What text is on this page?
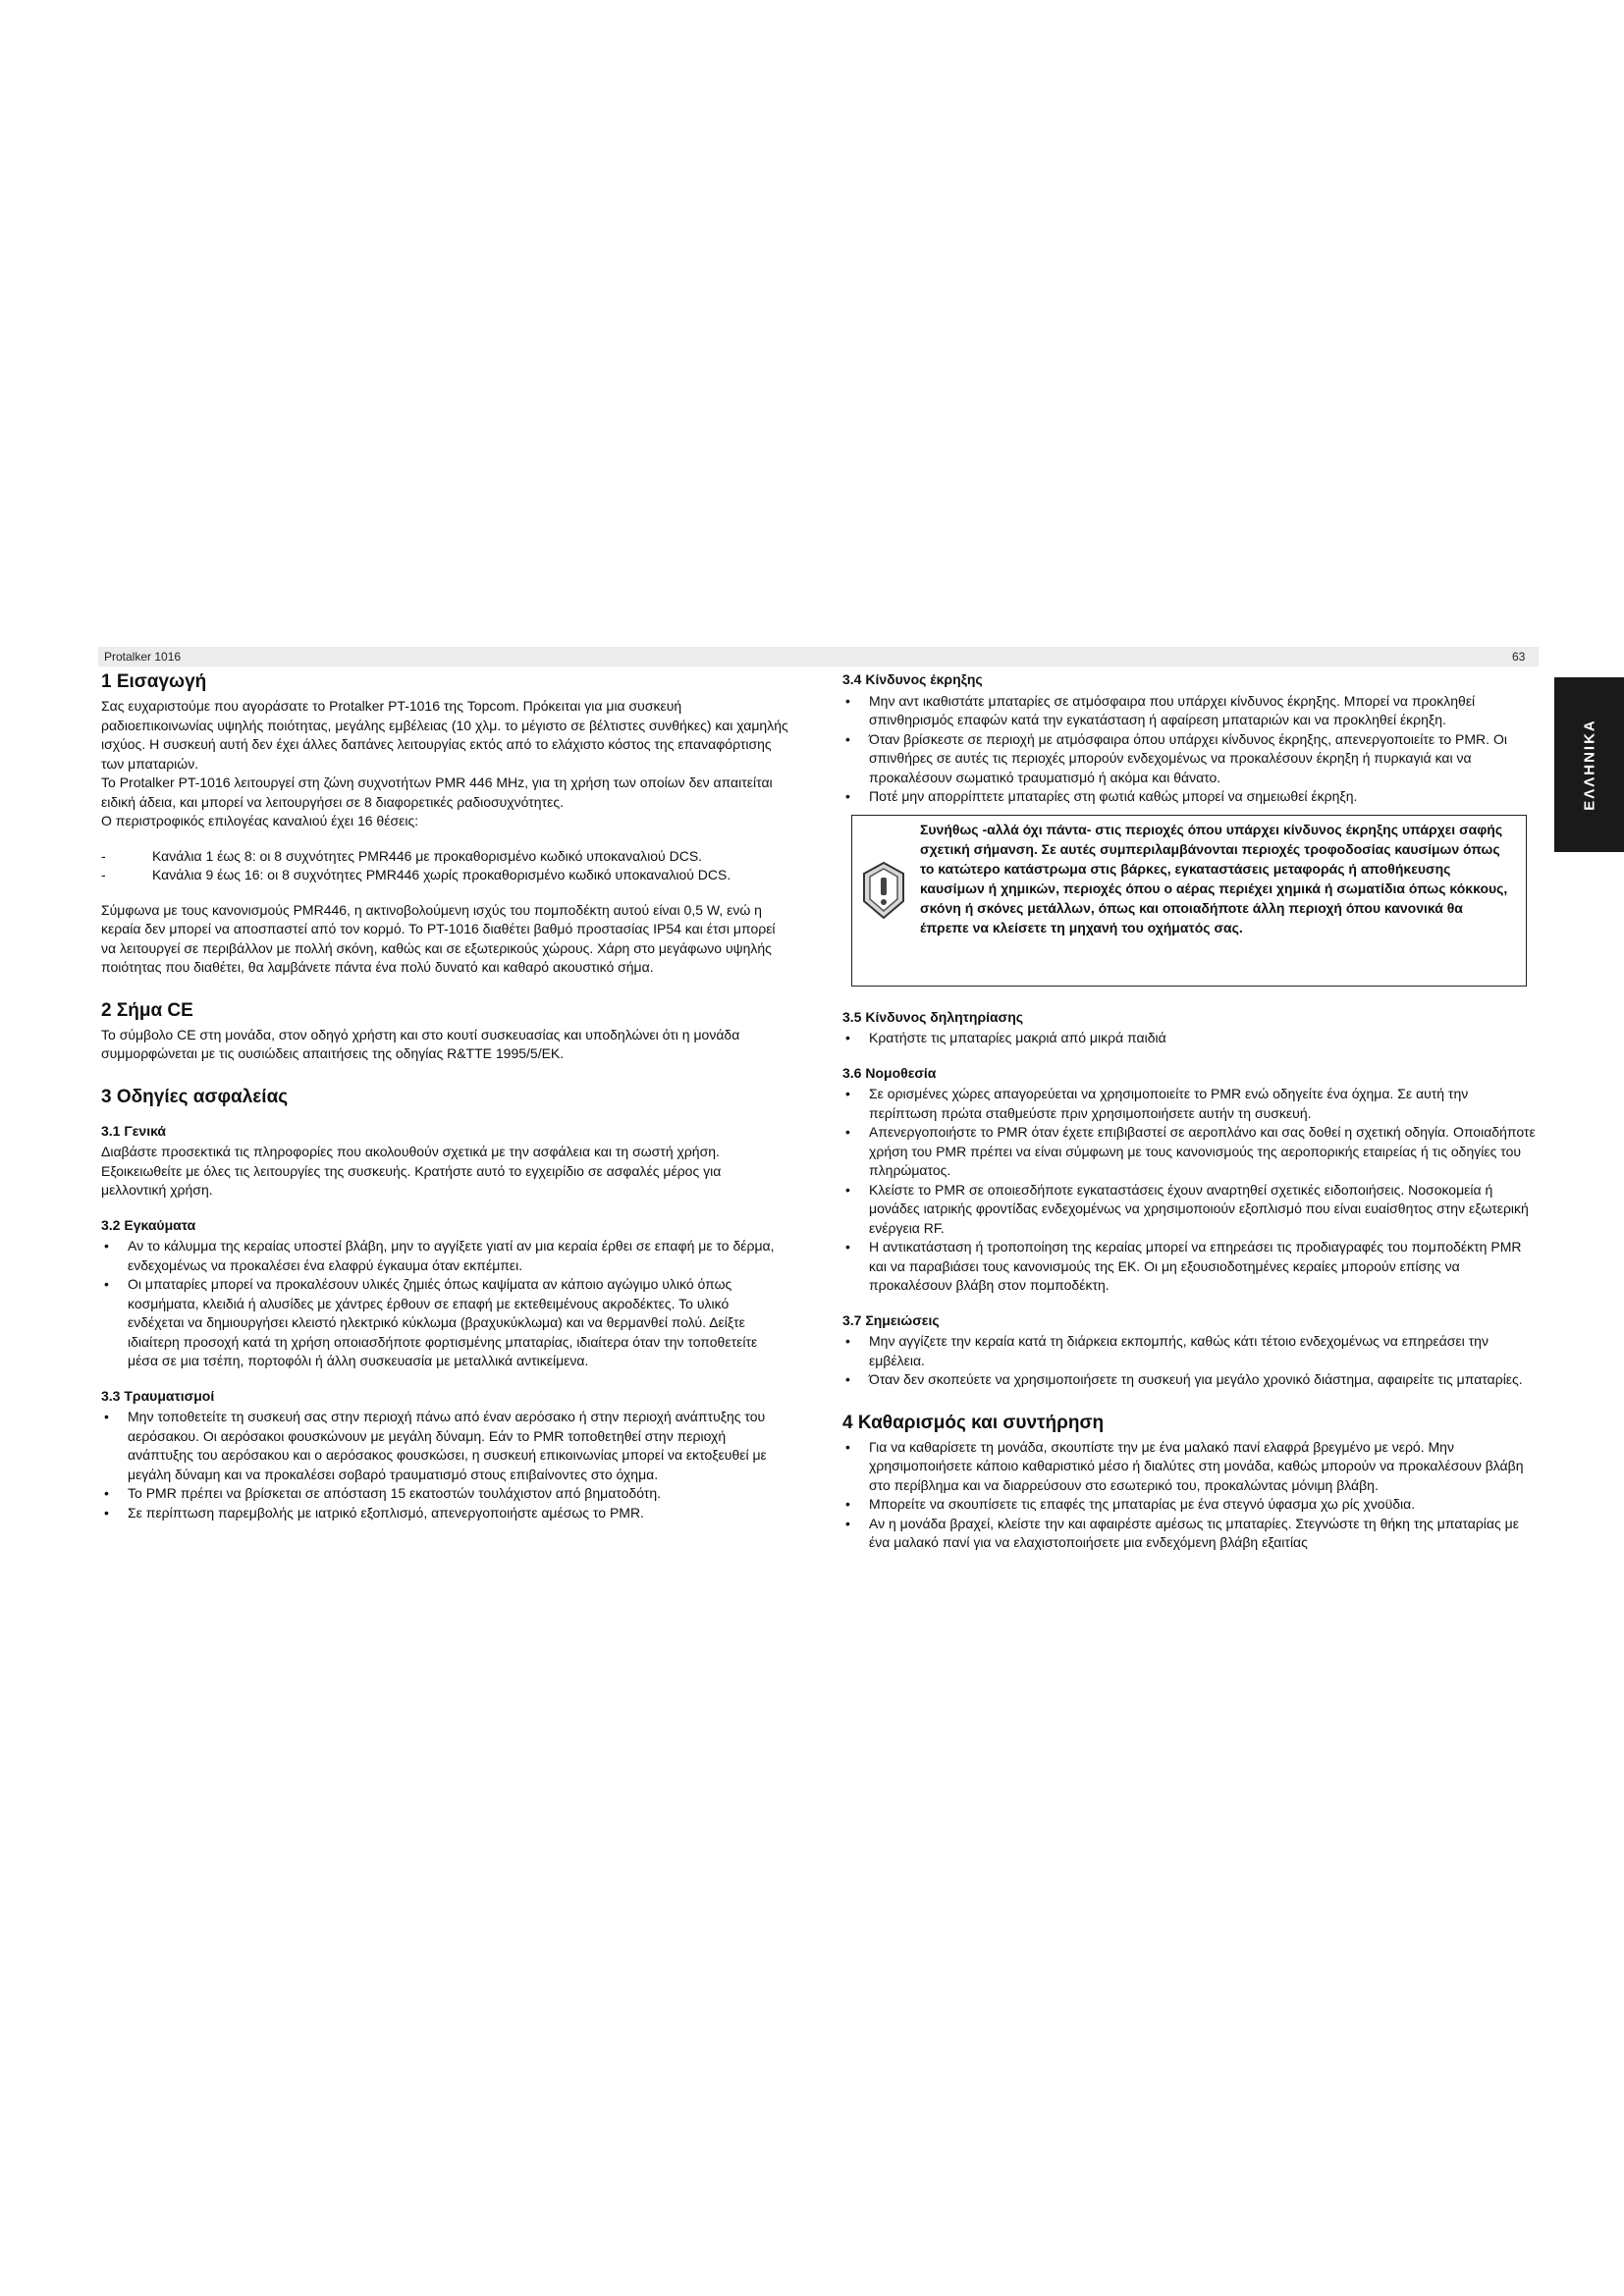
Protalker 1016	63
ΕΛΛΗΝΙΚΑ
1 Εισαγωγή

Σας ευχαριστούμε που αγοράσατε το Protalker PT-1016 της Topcom. Πρόκειται για μια συσκευή ραδιοεπικοινωνίας υψηλής ποιότητας, μεγάλης εμβέλειας (10 χλμ. το μέγιστο σε βέλτιστες συνθήκες) και χαμηλής ισχύος. Η συσκευή αυτή δεν έχει άλλες δαπάνες λειτουργίας εκτός από το ελάχιστο κόστος της επαναφόρτισης των μπαταριών.

Το Protalker PT-1016 λειτουργεί στη ζώνη συχνοτήτων PMR 446 MHz, για τη χρήση των οποίων δεν απαιτείται ειδική άδεια, και μπορεί να λειτουργήσει σε 8 διαφορετικές ραδιοσυχνότητες.

Ο περιστροφικός επιλογέας καναλιού έχει 16 θέσεις:

-	Κανάλια 1 έως 8: οι 8 συχνότητες PMR446 με προκαθορισμένο κωδικό υποκαναλιού DCS.
-	Κανάλια 9 έως 16: οι 8 συχνότητες PMR446 χωρίς προκαθορισμένο κωδικό υποκαναλιού DCS.

Σύμφωνα με τους κανονισμούς PMR446, η ακτινοβολούμενη ισχύς του πομποδέκτη αυτού είναι 0,5 W, ενώ η κεραία δεν μπορεί να αποσπαστεί από τον κορμό. Το PT-1016 διαθέτει βαθμό προστασίας IP54 και έτσι μπορεί να λειτουργεί σε περιβάλλον με πολλή σκόνη, καθώς και σε εξωτερικούς χώρους. Χάρη στο μεγάφωνο υψηλής ποιότητας που διαθέτει, θα λαμβάνετε πάντα ένα πολύ δυνατό και καθαρό ακουστικό σήμα.

2 Σήμα CE

Το σύμβολο CE στη μονάδα, στον οδηγό χρήστη και στο κουτί συσκευασίας και υποδηλώνει ότι η μονάδα συμμορφώνεται με τις ουσιώδεις απαιτήσεις της οδηγίας R&TTE 1995/5/ΕΚ.

3 Οδηγίες ασφαλείας
3.1 Γενικά

Διαβάστε προσεκτικά τις πληροφορίες που ακολουθούν σχετικά με την ασφάλεια και τη σωστή χρήση. Εξοικειωθείτε με όλες τις λειτουργίες της συσκευής. Κρατήστε αυτό το εγχειρίδιο σε ασφαλές μέρος για μελλοντική χρήση.

3.2 Εγκαύματα
• Αν το κάλυμμα της κεραίας υποστεί βλάβη, μην το αγγίξετε γιατί αν μια κεραία έρθει σε επαφή με το δέρμα, ενδεχομένως να προκαλέσει ένα ελαφρύ έγκαυμα όταν εκπέμπει.
• Οι μπαταρίες μπορεί να προκαλέσουν υλικές ζημιές όπως καψίματα αν κάποιο αγώγιμο υλικό όπως κοσμήματα, κλειδιά ή αλυσίδες με χάντρες έρθουν σε επαφή με εκτεθειμένους ακροδέκτες. Το υλικό ενδέχεται να δημιουργήσει κλειστό ηλεκτρικό κύκλωμα (βραχυκύκλωμα) και να θερμανθεί πολύ. Δείξτε ιδιαίτερη προσοχή κατά τη χρήση οποιασδήποτε φορτισμένης μπαταρίας, ιδιαίτερα όταν την τοποθετείτε μέσα σε μια τσέπη, πορτοφόλι ή άλλη συσκευασία με μεταλλικά αντικείμενα.
3.3 Τραυματισμοί
• Μην τοποθετείτε τη συσκευή σας στην περιοχή πάνω από έναν αερόσακο ή στην περιοχή ανάπτυξης του αερόσακου. Οι αερόσακοι φουσκώνουν με μεγάλη δύναμη. Εάν το PMR τοποθετηθεί στην περιοχή ανάπτυξης του αερόσακου και ο αερόσακος φουσκώσει, η συσκευή επικοινωνίας μπορεί να εκτοξευθεί με μεγάλη δύναμη και να προκαλέσει σοβαρό τραυματισμό στους επιβαίνοντες στο όχημα.
• Το PMR πρέπει να βρίσκεται σε απόσταση 15 εκατοστών τουλάχιστον από βηματοδότη.
• Σε περίπτωση παρεμβολής με ιατρικό εξοπλισμό, απενεργοποιήστε αμέσως το PMR.
3.4 Κίνδυνος έκρηξης
• Μην αντ ικαθιστάτε μπαταρίες σε ατμόσφαιρα που υπάρχει κίνδυνος έκρηξης. Μπορεί να προκληθεί σπινθηρισμός επαφών κατά την εγκατάσταση ή αφαίρεση μπαταριών και να προκληθεί έκρηξη.
• Όταν βρίσκεστε σε περιοχή με ατμόσφαιρα όπου υπάρχει κίνδυνος έκρηξης, απενεργοποιείτε το PMR. Οι σπινθήρες σε αυτές τις περιοχές μπορούν ενδεχομένως να προκαλέσουν έκρηξη ή πυρκαγιά και να προκαλέσουν σωματικό τραυματισμό ή ακόμα και θάνατο.
• Ποτέ μην απορρίπτετε μπαταρίες στη φωτιά καθώς μπορεί να σημειωθεί έκρηξη.
Συνήθως -αλλά όχι πάντα- στις περιοχές όπου υπάρχει κίνδυνος έκρηξης υπάρχει σαφής σχετική σήμανση. Σε αυτές συμπεριλαμβάνονται περιοχές τροφοδοσίας καυσίμων όπως το κατώτερο κατάστρωμα στις βάρκες, εγκαταστάσεις μεταφοράς ή αποθήκευσης καυσίμων ή χημικών, περιοχές όπου ο αέρας περιέχει χημικά ή σωματίδια όπως κόκκους, σκόνη ή σκόνες μετάλλων, όπως και οποιαδήποτε άλλη περιοχή όπου κανονικά θα έπρεπε να κλείσετε τη μηχανή του οχήματός σας.
3.5 Κίνδυνος δηλητηρίασης
• Κρατήστε τις μπαταρίες μακριά από μικρά παιδιά
3.6 Νομοθεσία
• Σε ορισμένες χώρες απαγορεύεται να χρησιμοποιείτε το PMR ενώ οδηγείτε ένα όχημα. Σε αυτή την περίπτωση πρώτα σταθμεύστε πριν χρησιμοποιήσετε αυτήν τη συσκευή.
• Απενεργοποιήστε το PMR όταν έχετε επιβιβαστεί σε αεροπλάνο και σας δοθεί η σχετική οδηγία. Οποιαδήποτε χρήση του PMR πρέπει να είναι σύμφωνη με τους κανονισμούς της αεροπορικής εταιρείας ή τις οδηγίες του πληρώματος.
• Κλείστε το PMR σε οποιεσδήποτε εγκαταστάσεις έχουν αναρτηθεί σχετικές ειδοποιήσεις. Νοσοκομεία ή μονάδες ιατρικής φροντίδας ενδεχομένως να χρησιμοποιούν εξοπλισμό που είναι ευαίσθητος στην εξωτερική ενέργεια RF.
• Η αντικατάσταση ή τροποποίηση της κεραίας μπορεί να επηρεάσει τις προδιαγραφές του πομποδέκτη PMR και να παραβιάσει τους κανονισμούς της ΕΚ. Οι μη εξουσιοδοτημένες κεραίες μπορούν επίσης να προκαλέσουν βλάβη στον πομποδέκτη.
3.7 Σημειώσεις
• Μην αγγίζετε την κεραία κατά τη διάρκεια εκπομπής, καθώς κάτι τέτοιο ενδεχομένως να επηρεάσει την εμβέλεια.
• Όταν δεν σκοπεύετε να χρησιμοποιήσετε τη συσκευή για μεγάλο χρονικό διάστημα, αφαιρείτε τις μπαταρίες.
4 Καθαρισμός και συντήρηση
• Για να καθαρίσετε τη μονάδα, σκουπίστε την με ένα μαλακό πανί ελαφρά βρεγμένο με νερό. Μην χρησιμοποιήσετε κάποιο καθαριστικό μέσο ή διαλύτες στη μονάδα, καθώς μπορούν να προκαλέσουν βλάβη στο περίβλημα και να διαρρεύσουν στο εσωτερικό του, προκαλώντας μόνιμη βλάβη.
• Μπορείτε να σκουπίσετε τις επαφές της μπαταρίας με ένα στεγνό ύφασμα χω ρίς χνοϋδια.
• Αν η μονάδα βραχεί, κλείστε την και αφαιρέστε αμέσως τις μπαταρίες. Στεγνώστε τη θήκη της μπαταρίας με ένα μαλακό πανί για να ελαχιστοποιήσετε μια ενδεχόμενη βλάβη εξαιτίας
